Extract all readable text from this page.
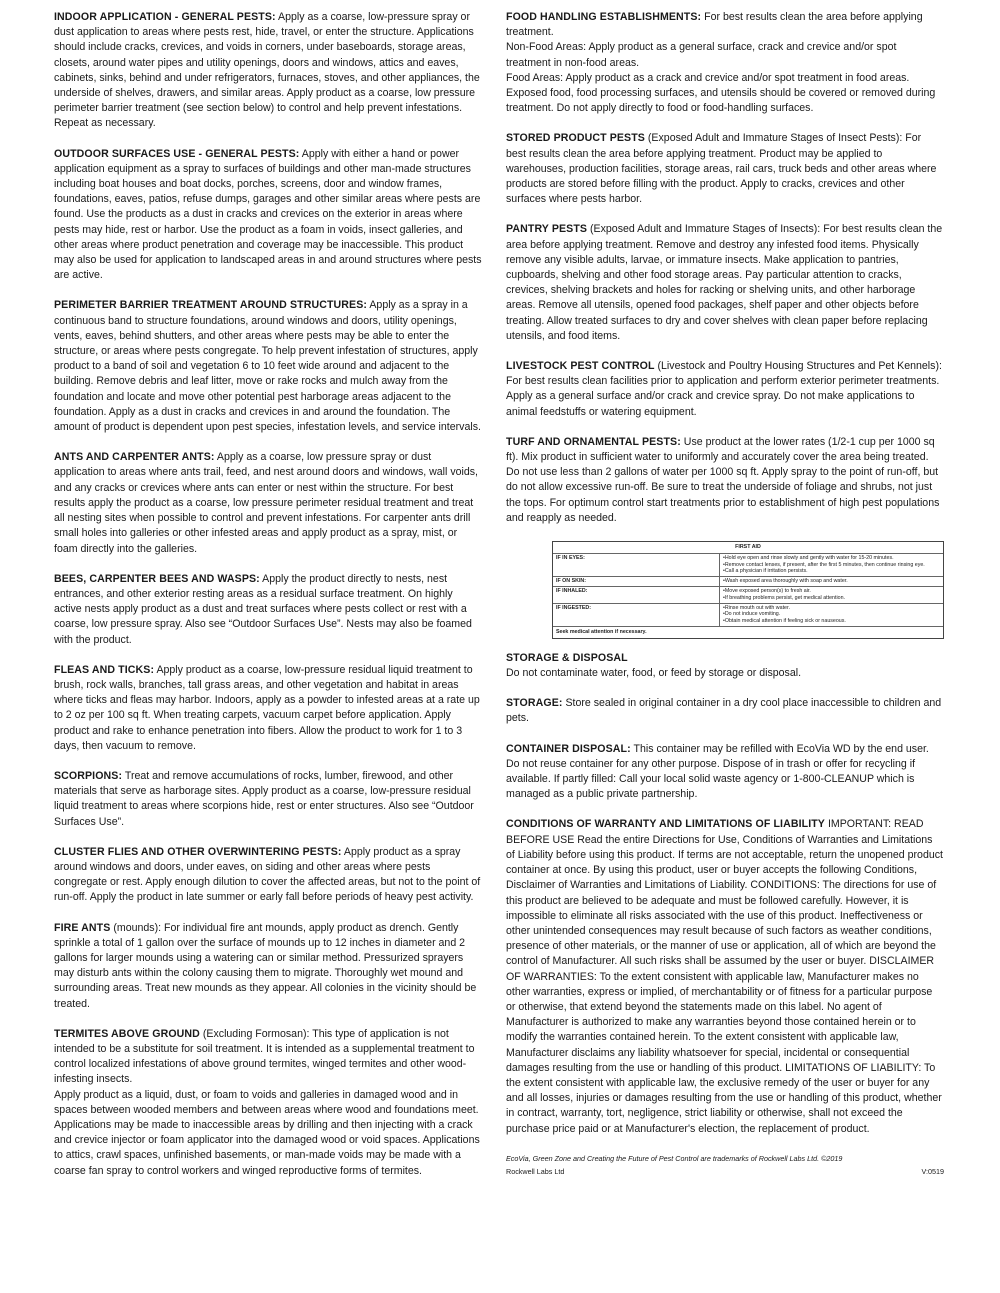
INDOOR APPLICATION - GENERAL PESTS: Apply as a coarse, low-pressure spray or dust application to areas where pests rest, hide, travel, or enter the structure. Applications should include cracks, crevices, and voids in corners, under baseboards, storage areas, closets, around water pipes and utility openings, doors and windows, attics and eaves, cabinets, sinks, behind and under refrigerators, furnaces, stoves, and other appliances, the underside of shelves, drawers, and similar areas. Apply product as a coarse, low pressure perimeter barrier treatment (see section below) to control and help prevent infestations. Repeat as necessary.

OUTDOOR SURFACES USE - GENERAL PESTS: Apply with either a hand or power application equipment as a spray to surfaces of buildings and other man-made structures including boat houses and boat docks, porches, screens, door and window frames, foundations, eaves, patios, refuse dumps, garages and other similar areas where pests are found. Use the products as a dust in cracks and crevices on the exterior in areas where pests may hide, rest or harbor. Use the product as a foam in voids, insect galleries, and other areas where product penetration and coverage may be inaccessible. This product may also be used for application to landscaped areas in and around structures where pests are active.

PERIMETER BARRIER TREATMENT AROUND STRUCTURES: Apply as a spray in a continuous band to structure foundations, around windows and doors, utility openings, vents, eaves, behind shutters, and other areas where pests may be able to enter the structure, or areas where pests congregate. To help prevent infestation of structures, apply product to a band of soil and vegetation 6 to 10 feet wide around and adjacent to the building. Remove debris and leaf litter, move or rake rocks and mulch away from the foundation and locate and move other potential pest harborage areas adjacent to the foundation. Apply as a dust in cracks and crevices in and around the foundation. The amount of product is dependent upon pest species, infestation levels, and service intervals.

ANTS AND CARPENTER ANTS: Apply as a coarse, low pressure spray or dust application to areas where ants trail, feed, and nest around doors and windows, wall voids, and any cracks or crevices where ants can enter or nest within the structure. For best results apply the product as a coarse, low pressure perimeter residual treatment and treat all nesting sites when possible to control and prevent infestations. For carpenter ants drill small holes into galleries or other infested areas and apply product as a spray, mist, or foam directly into the galleries.

BEES, CARPENTER BEES AND WASPS: Apply the product directly to nests, nest entrances, and other exterior resting areas as a residual surface treatment. On highly active nests apply product as a dust and treat surfaces where pests collect or rest with a coarse, low pressure spray. Also see “Outdoor Surfaces Use”. Nests may also be foamed with the product.

FLEAS AND TICKS: Apply product as a coarse, low-pressure residual liquid treatment to brush, rock walls, branches, tall grass areas, and other vegetation and habitat in areas where ticks and fleas may harbor. Indoors, apply as a powder to infested areas at a rate up to 2 oz per 100 sq ft. When treating carpets, vacuum carpet before application. Apply product and rake to enhance penetration into fibers. Allow the product to work for 1 to 3 days, then vacuum to remove.

SCORPIONS: Treat and remove accumulations of rocks, lumber, firewood, and other materials that serve as harborage sites. Apply product as a coarse, low-pressure residual liquid treatment to areas where scorpions hide, rest or enter structures. Also see “Outdoor Surfaces Use”.

CLUSTER FLIES AND OTHER OVERWINTERING PESTS: Apply product as a spray around windows and doors, under eaves, on siding and other areas where pests congregate or rest. Apply enough dilution to cover the affected areas, but not to the point of run-off. Apply the product in late summer or early fall before periods of heavy pest activity.

FIRE ANTS (mounds): For individual fire ant mounds, apply product as drench. Gently sprinkle a total of 1 gallon over the surface of mounds up to 12 inches in diameter and 2 gallons for larger mounds using a watering can or similar method. Pressurized sprayers may disturb ants within the colony causing them to migrate. Thoroughly wet mound and surrounding areas. Treat new mounds as they appear. All colonies in the vicinity should be treated.

TERMITES ABOVE GROUND (Excluding Formosan): This type of application is not intended to be a substitute for soil treatment. It is intended as a supplemental treatment to control localized infestations of above ground termites, winged termites and other wood-infesting insects.

Apply product as a liquid, dust, or foam to voids and galleries in damaged wood and in spaces between wooded members and between areas where wood and foundations meet.

Applications may be made to inaccessible areas by drilling and then injecting with a crack and crevice injector or foam applicator into the damaged wood or void spaces. Applications to attics, crawl spaces, unfinished basements, or man-made voids may be made with a coarse fan spray to control workers and winged reproductive forms of termites.

FOOD HANDLING ESTABLISHMENTS: For best results clean the area before applying treatment.

Non-Food Areas: Apply product as a general surface, crack and crevice and/or spot treatment in non-food areas.

Food Areas: Apply product as a crack and crevice and/or spot treatment in food areas. Exposed food, food processing surfaces, and utensils should be covered or removed during treatment. Do not apply directly to food or food-handling surfaces.

STORED PRODUCT PESTS (Exposed Adult and Immature Stages of Insect Pests): For best results clean the area before applying treatment. Product may be applied to warehouses, production facilities, storage areas, rail cars, truck beds and other areas where products are stored before filling with the product. Apply to cracks, crevices and other surfaces where pests harbor.

PANTRY PESTS (Exposed Adult and Immature Stages of Insects): For best results clean the area before applying treatment. Remove and destroy any infested food items. Physically remove any visible adults, larvae, or immature insects. Make application to pantries, cupboards, shelving and other food storage areas. Pay particular attention to cracks, crevices, shelving brackets and holes for racking or shelving units, and other harborage areas. Remove all utensils, opened food packages, shelf paper and other objects before treating. Allow treated surfaces to dry and cover shelves with clean paper before replacing utensils, and food items.

LIVESTOCK PEST CONTROL (Livestock and Poultry Housing Structures and Pet Kennels): For best results clean facilities prior to application and perform exterior perimeter treatments. Apply as a general surface and/or crack and crevice spray. Do not make applications to animal feedstuffs or watering equipment.

TURF AND ORNAMENTAL PESTS: Use product at the lower rates (1/2-1 cup per 1000 sq ft). Mix product in sufficient water to uniformly and accurately cover the area being treated. Do not use less than 2 gallons of water per 1000 sq ft. Apply spray to the point of run-off, but do not allow excessive run-off. Be sure to treat the underside of foliage and shrubs, not just the tops. For optimum control start treatments prior to establishment of high pest populations and reapply as needed.

FIRST AID
IF IN EYES:	• Hold eye open and rinse slowly and gently with water for 15-20 minutes.
• Remove contact lenses, if present, after the first 5 minutes, then continue rinsing eye.
• Call a physician if irritation persists.
IF ON SKIN:	• Wash exposed area thoroughly with soap and water.
IF INHALED:	• Move exposed person(s) to fresh air.
• If breathing problems persist, get medical attention.
IF INGESTED:	• Rinse mouth out with water.
• Do not induce vomiting.
• Obtain medical attention if feeling sick or nauseous.
Seek medical attention if necessary.

STORAGE & DISPOSAL
Do not contaminate water, food, or feed by storage or disposal.

STORAGE: Store sealed in original container in a dry cool place inaccessible to children and pets.

CONTAINER DISPOSAL: This container may be refilled with EcoVia WD by the end user. Do not reuse container for any other purpose. Dispose of in trash or offer for recycling if available. If partly filled: Call your local solid waste agency or 1-800-CLEANUP which is managed as a public private partnership.

CONDITIONS OF WARRANTY AND LIMITATIONS OF LIABILITY IMPORTANT: READ BEFORE USE Read the entire Directions for Use, Conditions of Warranties and Limitations of Liability before using this product. If terms are not acceptable, return the unopened product container at once. By using this product, user or buyer accepts the following Conditions, Disclaimer of Warranties and Limitations of Liability. CONDITIONS: The directions for use of this product are believed to be adequate and must be followed carefully. However, it is impossible to eliminate all risks associated with the use of this product. Ineffectiveness or other unintended consequences may result because of such factors as weather conditions, presence of other materials, or the manner of use or application, all of which are beyond the control of Manufacturer. All such risks shall be assumed by the user or buyer. DISCLAIMER OF WARRANTIES: To the extent consistent with applicable law, Manufacturer makes no other warranties, express or implied, of merchantability or of fitness for a particular purpose or otherwise, that extend beyond the statements made on this label. No agent of Manufacturer is authorized to make any warranties beyond those contained herein or to modify the warranties contained herein. To the extent consistent with applicable law, Manufacturer disclaims any liability whatsoever for special, incidental or consequential damages resulting from the use or handling of this product. LIMITATIONS OF LIABILITY: To the extent consistent with applicable law, the exclusive remedy of the user or buyer for any and all losses, injuries or damages resulting from the use or handling of this product, whether in contract, warranty, tort, negligence, strict liability or otherwise, shall not exceed the purchase price paid or at Manufacturer's election, the replacement of product.

EcoVia, Green Zone and Creating the Future of Pest Control are trademarks of Rockwell Labs Ltd. ©2019
Rockwell Labs Ltd	V:0519
